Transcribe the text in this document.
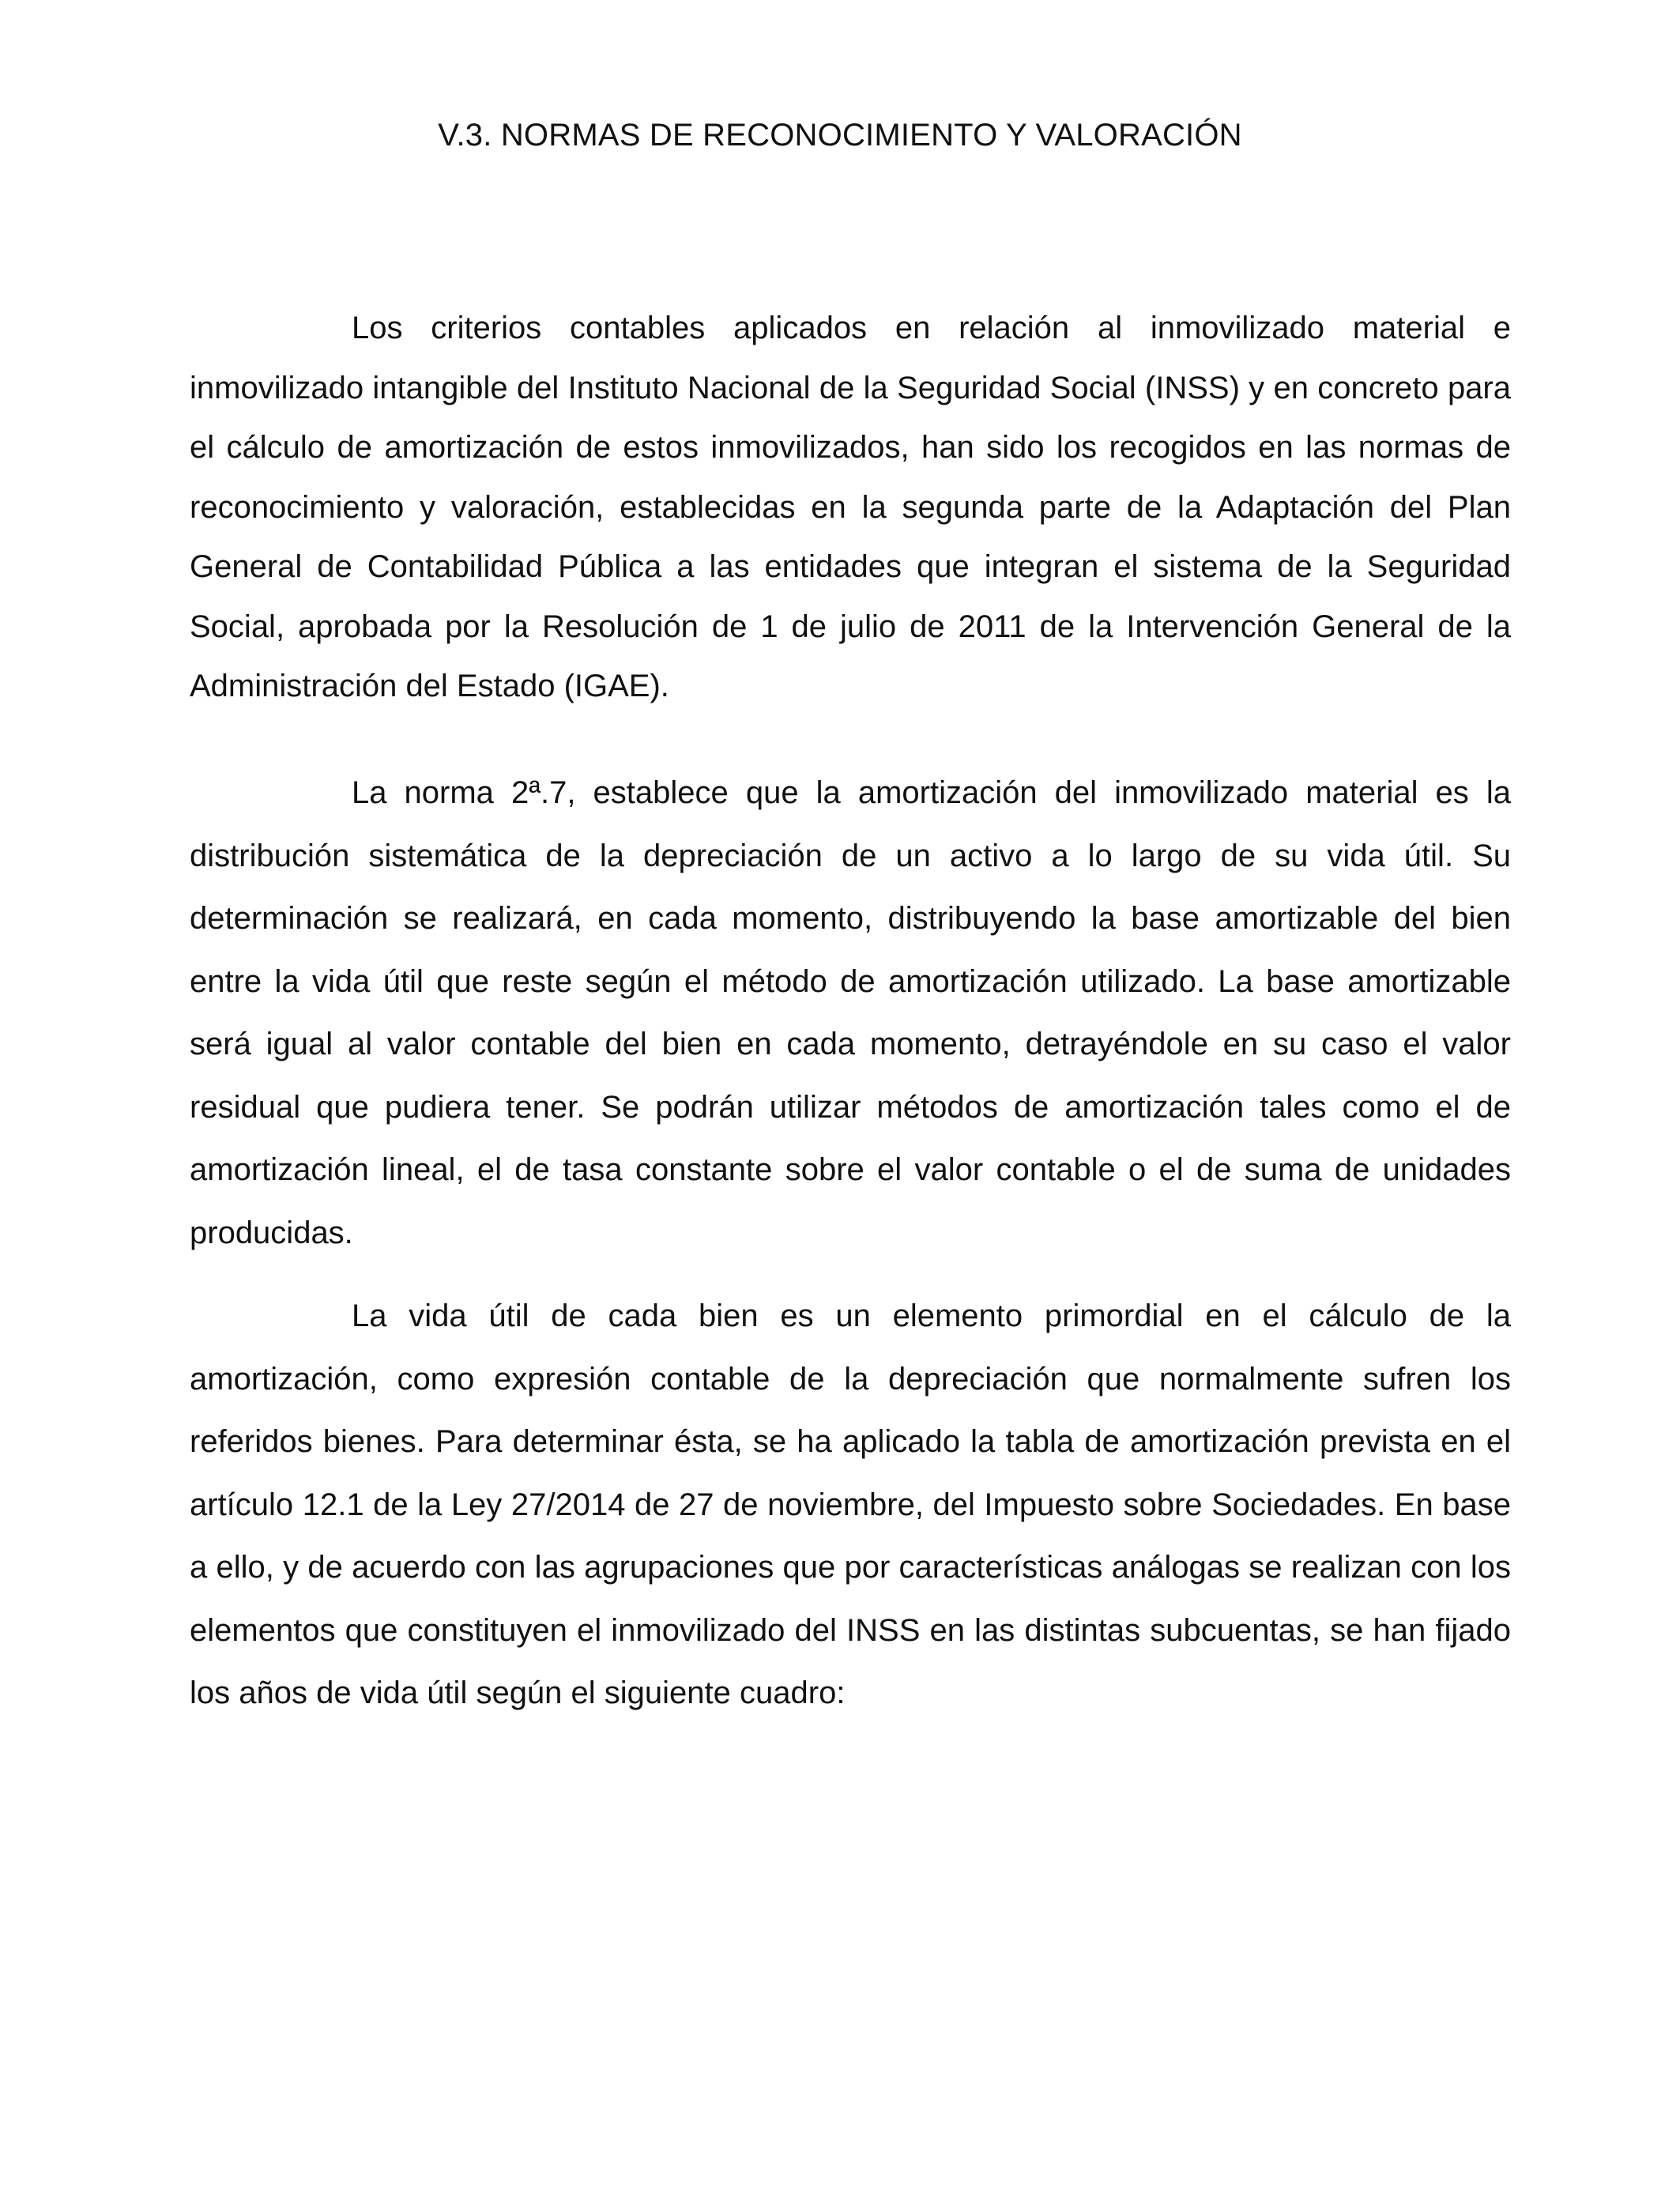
V.3. NORMAS DE RECONOCIMIENTO Y VALORACIÓN

Los criterios contables aplicados en relación al inmovilizado material e inmovilizado intangible del Instituto Nacional de la Seguridad Social (INSS) y en concreto para el cálculo de amortización de estos inmovilizados, han sido los recogidos en las normas de reconocimiento y valoración, establecidas en la segunda parte de la Adaptación del Plan General de Contabilidad Pública a las entidades que integran el sistema de la Seguridad Social, aprobada por la Resolución de 1 de julio de 2011 de la Intervención General de la Administración del Estado (IGAE).

La norma 2ª.7, establece que la amortización del inmovilizado material es la distribución sistemática de la depreciación de un activo a lo largo de su vida útil. Su determinación se realizará, en cada momento, distribuyendo la base amortizable del bien entre la vida útil que reste según el método de amortización utilizado. La base amortizable será igual al valor contable del bien en cada momento, detrayéndole en su caso el valor residual que pudiera tener. Se podrán utilizar métodos de amortización tales como el de amortización lineal, el de tasa constante sobre el valor contable o el de suma de unidades producidas.

La vida útil de cada bien es un elemento primordial en el cálculo de la amortización, como expresión contable de la depreciación que normalmente sufren los referidos bienes. Para determinar ésta, se ha aplicado la tabla de amortización prevista en el artículo 12.1 de la Ley 27/2014 de 27 de noviembre, del Impuesto sobre Sociedades. En base a ello, y de acuerdo con las agrupaciones que por características análogas se realizan con los elementos que constituyen el inmovilizado del INSS en las distintas subcuentas, se han fijado los años de vida útil según el siguiente cuadro:
